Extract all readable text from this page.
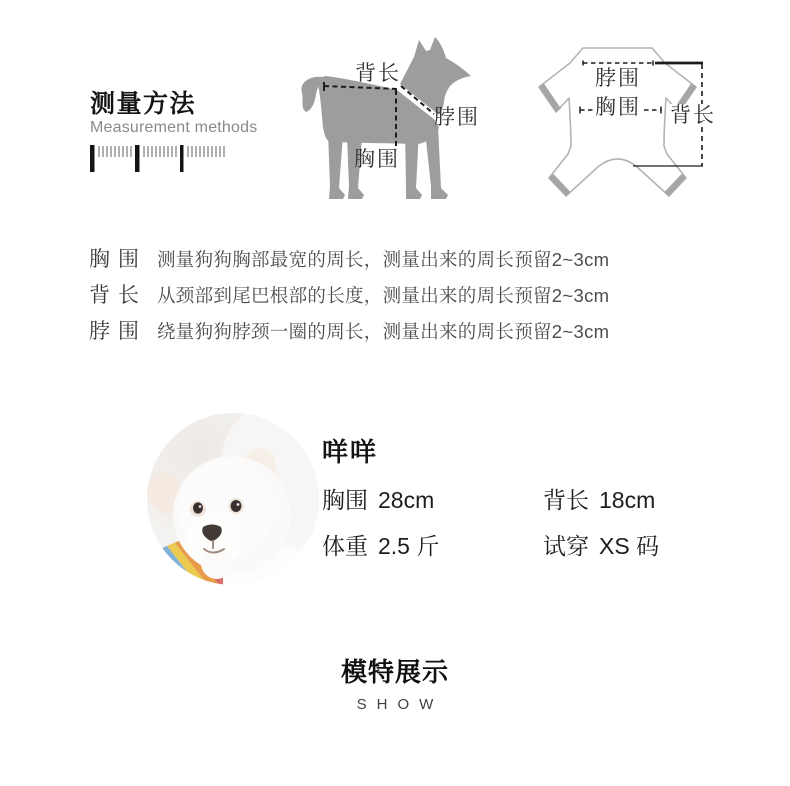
测量方法
Measurement methods
背长
脖围
胸围
脖围
胸围 背长
胸围 测量狗狗胸部最宽的周长，测量出来的周长预留2~3cm
背长 从颈部到尾巴根部的长度，测量出来的周长预留2~3cm
脖围 绕量狗狗脖颈一圈的周长，测量出来的周长预留2~3cm
咩咩
胸围 28cm	背长 18cm
体重 2.5 斤	试穿 XS 码
模特展示
SHOW
